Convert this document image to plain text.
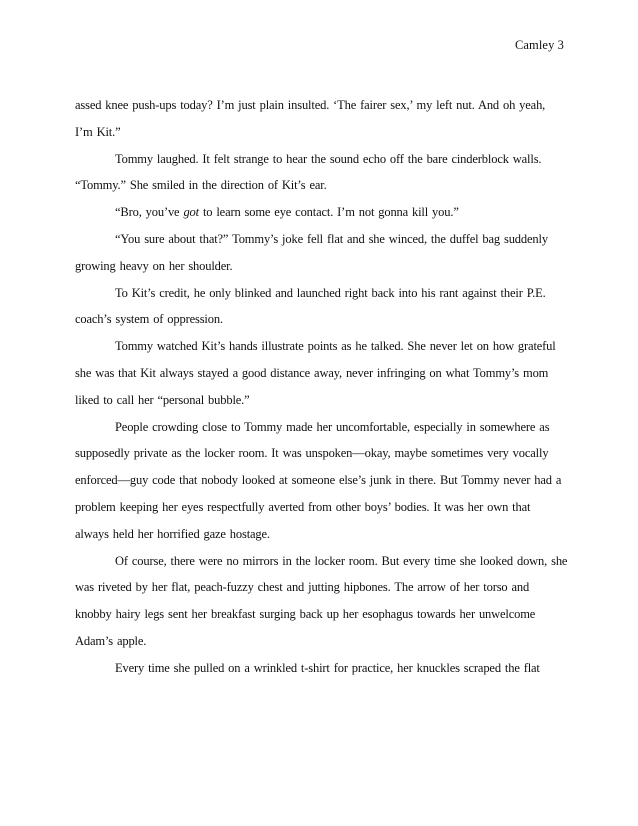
Camley 3
assed knee push-ups today? I’m just plain insulted. ‘The fairer sex,’ my left nut. And oh yeah,
I’m Kit.”
Tommy laughed. It felt strange to hear the sound echo off the bare cinderblock walls.
“Tommy.” She smiled in the direction of Kit’s ear.
“Bro, you’ve got to learn some eye contact. I’m not gonna kill you.”
“You sure about that?” Tommy’s joke fell flat and she winced, the duffel bag suddenly
growing heavy on her shoulder.
To Kit’s credit, he only blinked and launched right back into his rant against their P.E.
coach’s system of oppression.
Tommy watched Kit’s hands illustrate points as he talked. She never let on how grateful
she was that Kit always stayed a good distance away, never infringing on what Tommy’s mom
liked to call her “personal bubble.”
People crowding close to Tommy made her uncomfortable, especially in somewhere as
supposedly private as the locker room. It was unspoken—okay, maybe sometimes very vocally
enforced—guy code that nobody looked at someone else’s junk in there. But Tommy never had a
problem keeping her eyes respectfully averted from other boys’ bodies. It was her own that
always held her horrified gaze hostage.
Of course, there were no mirrors in the locker room. But every time she looked down, she
was riveted by her flat, peach-fuzzy chest and jutting hipbones. The arrow of her torso and
knobby hairy legs sent her breakfast surging back up her esophagus towards her unwelcome
Adam’s apple.
Every time she pulled on a wrinkled t-shirt for practice, her knuckles scraped the flat
